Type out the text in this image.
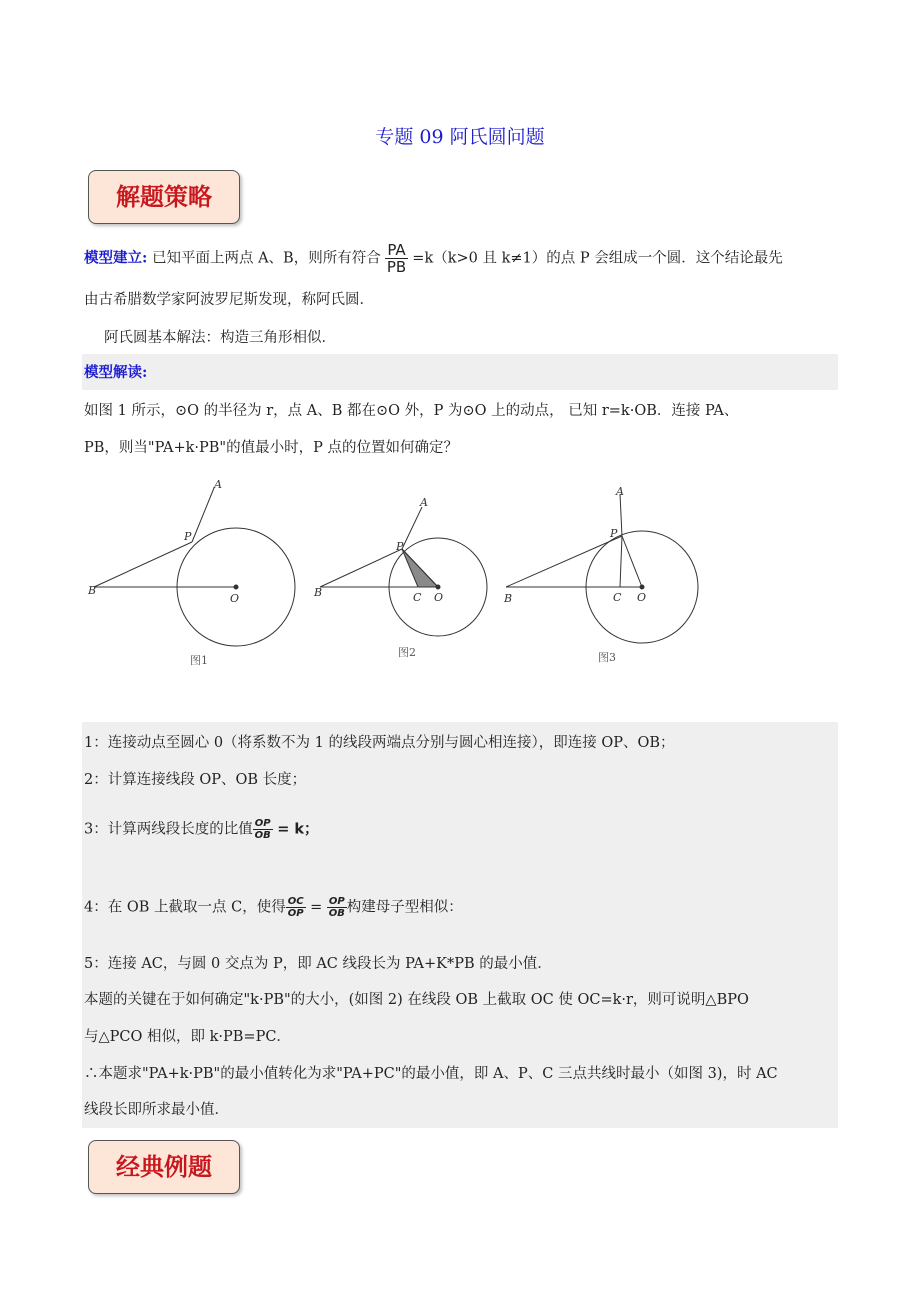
专题 09 阿氏圆问题
解题策略
模型建立: 已知平面上两点 A、B，则所有符合 $\frac{PA}{PB} =k(k>0$ 且 k≠1）的点 P 会组成一个圆．这个结论最先
由古希腊数学家阿波罗尼斯发现，称阿氏圆．
阿氏圆基本解法：构造三角形相似．
模型解读:
如图 1 所示，⊙O 的半径为 r，点 A、B 都在⊙O 外，P 为⊙O 上的动点， 已知 r=k·OB．连接 PA、
PB，则当"PA+k·PB"的值最小时，P 点的位置如何确定？
A
P
B
O
图1
A
P
B	C O
图2
A
P
B	C O
图3
1：连接动点至圆心 0（将系数不为 1 的线段两端点分别与圆心相连接），即连接 OP、OB；
2：计算连接线段 OP、OB 长度；
3：计算两线段长度的比值 $\frac{OP}{OB} = k$；
4：在 OB 上截取一点 C，使得 $\frac{OC}{OP} = \frac{OP}{OB}$ 构建母子型相似：
5：连接 AC，与圆 0 交点为 P，即 AC 线段长为 PA+K*PB 的最小值．
本题的关键在于如何确定"k·PB"的大小，(如图 2) 在线段 OB 上截取 OC 使 OC=k·r，则可说明△BPO
与△PCO 相似，即 k·PB=PC．
∴本题求"PA+k·PB"的最小值转化为求"PA+PC"的最小值，即 A、P、C 三点共线时最小（如图 3)，时 AC
线段长即所求最小值．
经典例题
